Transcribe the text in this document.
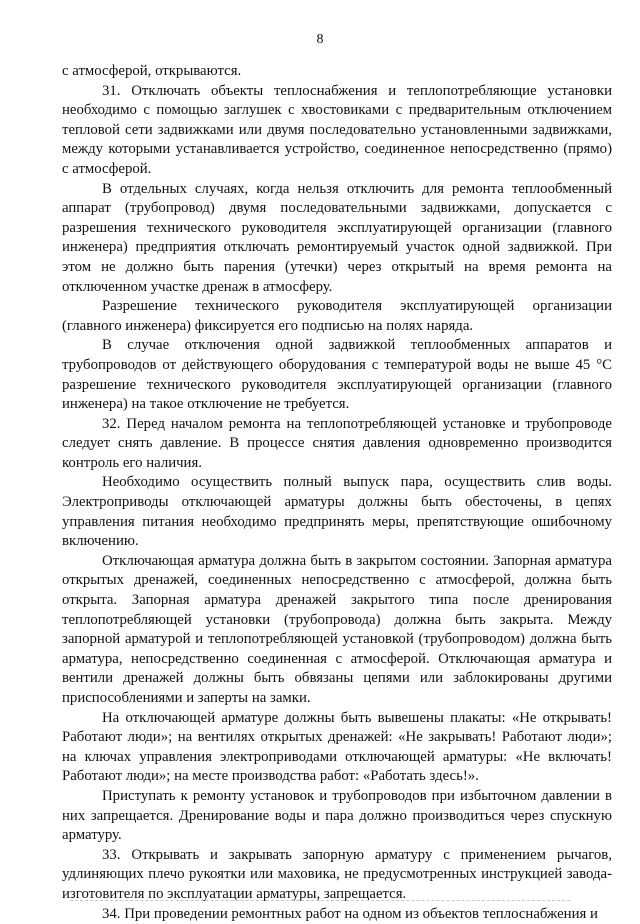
8

с атмосферой, открываются.

31. Отключать объекты теплоснабжения и теплопотребляющие установки необходимо с помощью заглушек с хвостовиками с предварительным отключением тепловой сети задвижками или двумя последовательно установленными задвижками, между которыми устанавливается устройство, соединенное непосредственно (прямо) с атмосферой.

В отдельных случаях, когда нельзя отключить для ремонта теплообменный аппарат (трубопровод) двумя последовательными задвижками, допускается с разрешения технического руководителя эксплуатирующей организации (главного инженера) предприятия отключать ремонтируемый участок одной задвижкой. При этом не должно быть парения (утечки) через открытый на время ремонта на отключенном участке дренаж в атмосферу.

Разрешение технического руководителя эксплуатирующей организации (главного инженера) фиксируется его подписью на полях наряда.

В случае отключения одной задвижкой теплообменных аппаратов и трубопроводов от действующего оборудования с температурой воды не выше 45 °С разрешение технического руководителя эксплуатирующей организации (главного инженера) на такое отключение не требуется.

32. Перед началом ремонта на теплопотребляющей установке и трубопроводе следует снять давление. В процессе снятия давления одновременно производится контроль его наличия.

Необходимо осуществить полный выпуск пара, осуществить слив воды. Электроприводы отключающей арматуры должны быть обесточены, в цепях управления питания необходимо предпринять меры, препятствующие ошибочному включению.

Отключающая арматура должна быть в закрытом состоянии. Запорная арматура открытых дренажей, соединенных непосредственно с атмосферой, должна быть открыта. Запорная арматура дренажей закрытого типа после дренирования теплопотребляющей установки (трубопровода) должна быть закрыта. Между запорной арматурой и теплопотребляющей установкой (трубопроводом) должна быть арматура, непосредственно соединенная с атмосферой. Отключающая арматура и вентили дренажей должны быть обвязаны цепями или заблокированы другими приспособлениями и заперты на замки.

На отключающей арматуре должны быть вывешены плакаты: «Не открывать! Работают люди»; на вентилях открытых дренажей: «Не закрывать! Работают люди»; на ключах управления электроприводами отключающей арматуры: «Не включать! Работают люди»; на месте производства работ: «Работать здесь!».

Приступать к ремонту установок и трубопроводов при избыточном давлении в них запрещается. Дренирование воды и пара должно производиться через спускную арматуру.

33. Открывать и закрывать запорную арматуру с применением рычагов, удлиняющих плечо рукоятки или маховика, не предусмотренных инструкцией завода-изготовителя по эксплуатации арматуры, запрещается.

34. При проведении ремонтных работ на одном из объектов теплоснабжения и
